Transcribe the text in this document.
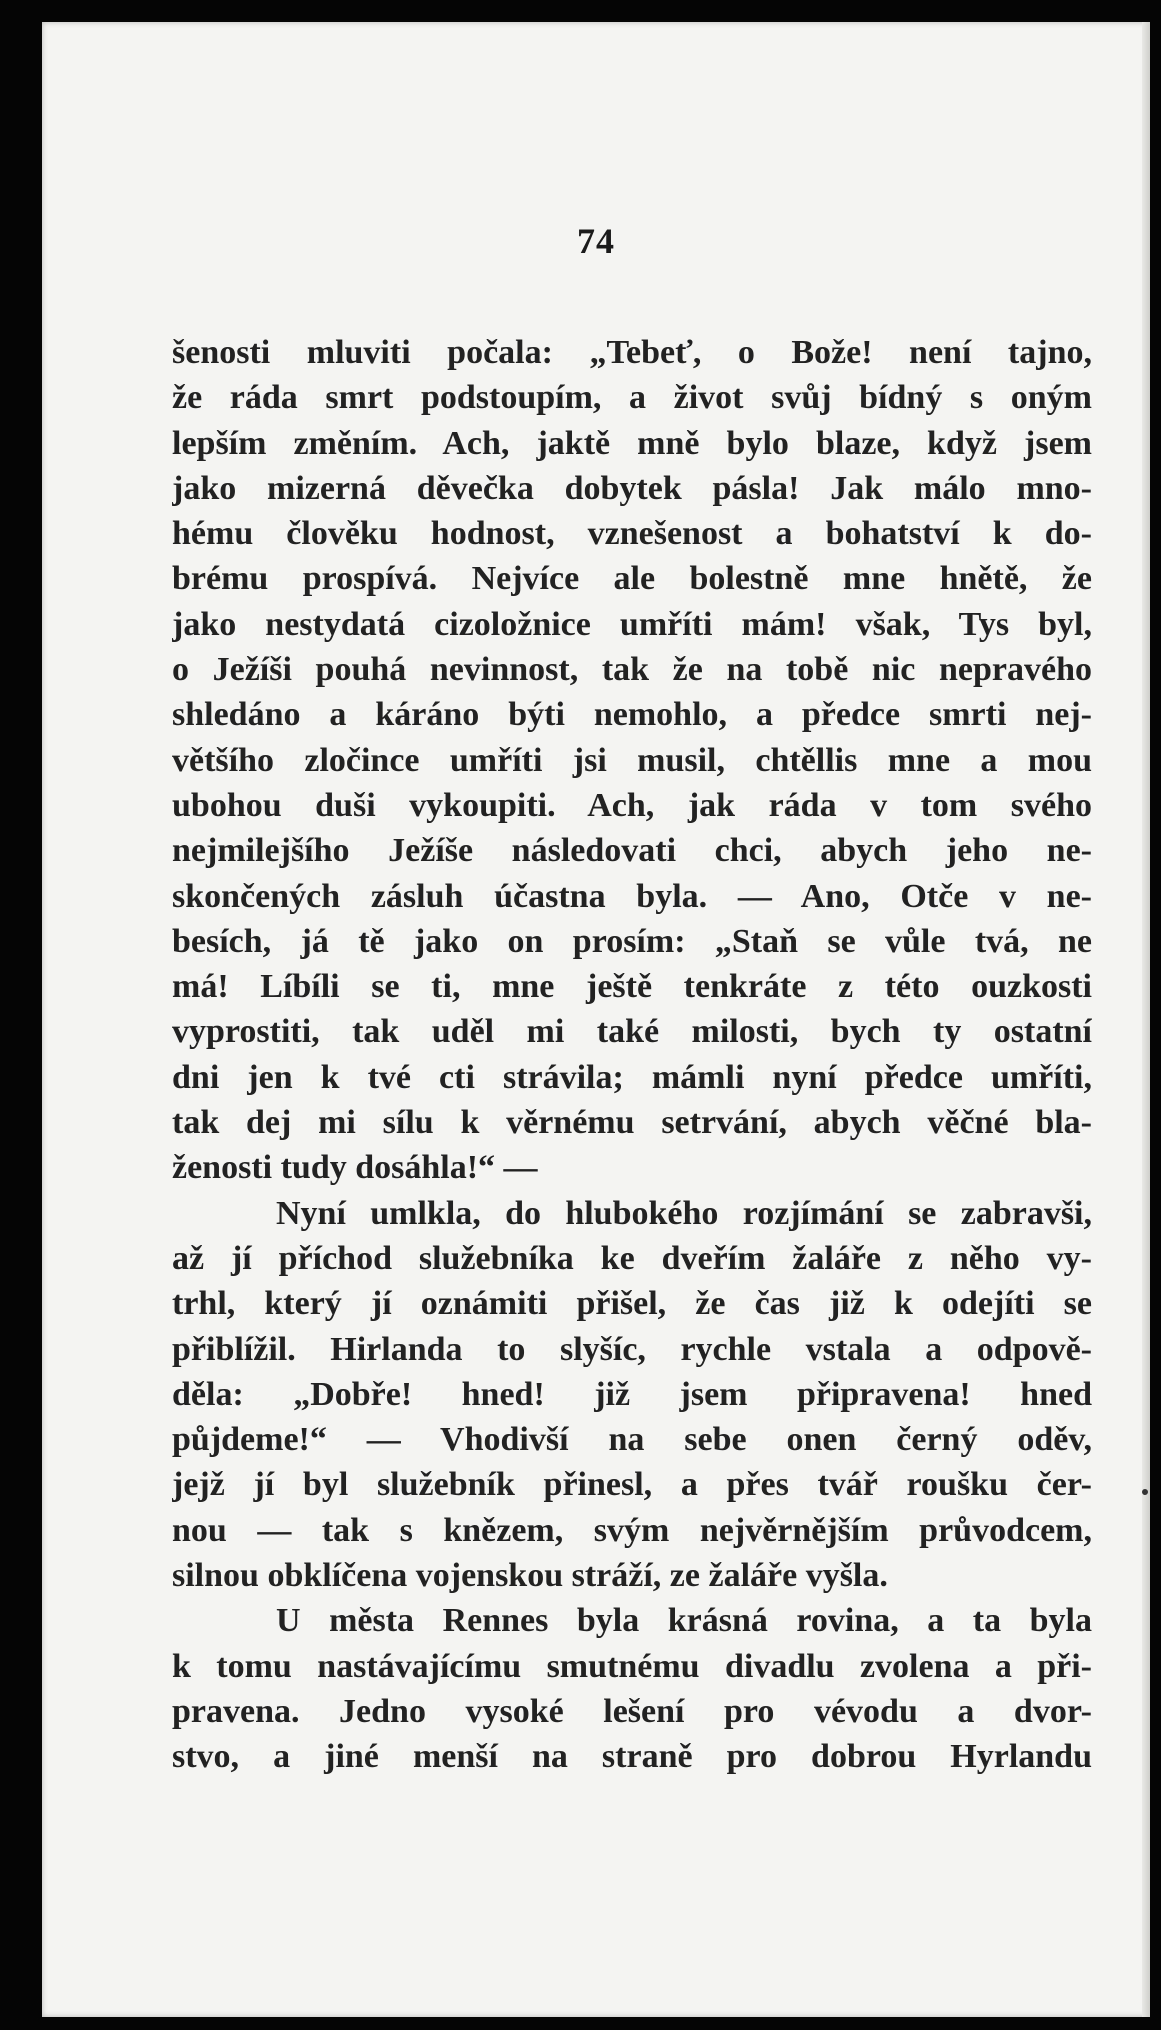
74
šenosti mluviti počala: „Tebeť, o Bože! není tajno,
že ráda smrt podstoupím, a život svůj bídný s oným
lepším změním. Ach, jaktě mně bylo blaze, když jsem
jako mizerná děvečka dobytek pásla! Jak málo mno-
hému člověku hodnost, vznešenost a bohatství k do-
brému prospívá. Nejvíce ale bolestně mne hnětě, že
jako nestydatá cizoložnice umříti mám! však, Tys byl,
o Ježíši pouhá nevinnost, tak že na tobě nic nepravého
shledáno a káráno býti nemohlo, a předce smrti nej-
většího zločince umříti jsi musil, chtěllis mne a mou
ubohou duši vykoupiti. Ach, jak ráda v tom svého
nejmilejšího Ježíše následovati chci, abych jeho ne-
skončených zásluh účastna byla. — Ano, Otče v ne-
besích, já tě jako on prosím: „Staň se vůle tvá, ne
má! Líbíli se ti, mne ještě tenkráte z této ouzkosti
vyprostiti, tak uděl mi také milosti, bych ty ostatní
dni jen k tvé cti strávila; mámli nyní předce umříti,
tak dej mi sílu k věrnému setrvání, abych věčné bla-
ženosti tudy dosáhla!“ —
Nyní umlkla, do hlubokého rozjímání se zabravši,
až jí příchod služebníka ke dveřím žaláře z něho vy-
trhl, který jí oznámiti přišel, že čas již k odejíti se
přiblížil. Hirlanda to slyšíc, rychle vstala a odpově-
děla: „Dobře! hned! již jsem připravena! hned
půjdeme!“ — Vhodivší na sebe onen černý oděv,
jejž jí byl služebník přinesl, a přes tvář roušku čer-
nou — tak s knězem, svým nejvěrnějším průvodcem,
silnou obklíčena vojenskou stráží, ze žaláře vyšla.
U města Rennes byla krásná rovina, a ta byla
k tomu nastávajícímu smutnému divadlu zvolena a při-
pravena. Jedno vysoké lešení pro vévodu a dvor-
stvo, a jiné menší na straně pro dobrou Hyrlandu
